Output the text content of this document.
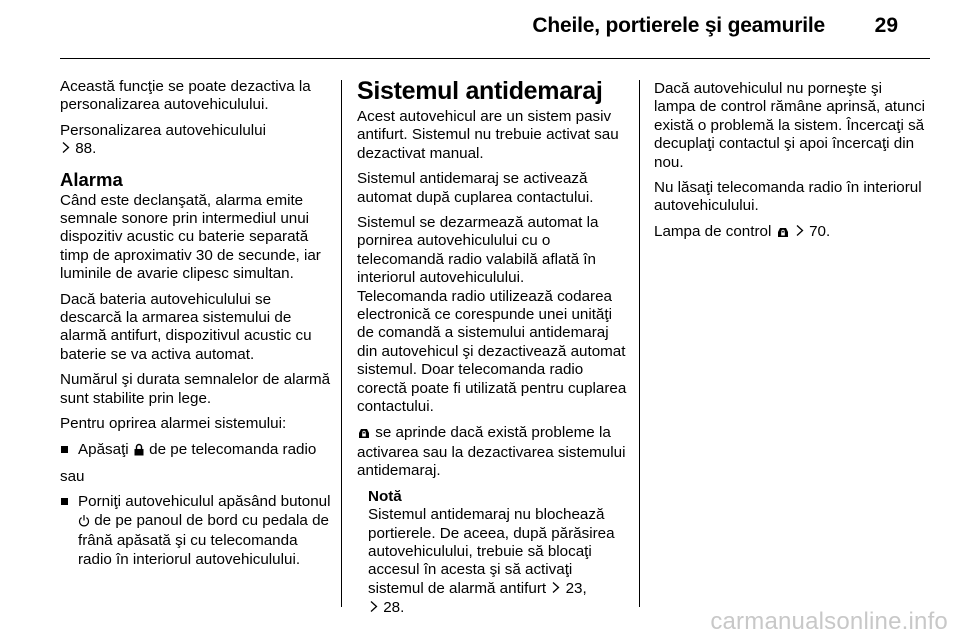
Cheile, portierele şi geamurile 29

Această funcţie se poate dezactiva la personalizarea autovehiculului.

Personalizarea autovehiculului
88.

Alarma

Când este declanşată, alarma emite semnale sonore prin intermediul unui dispozitiv acustic cu baterie separată timp de aproximativ 30 de secunde, iar luminile de avarie clipesc simultan.

Dacă bateria autovehiculului se descarcă la armarea sistemului de alarmă antifurt, dispozitivul acustic cu baterie se va activa automat.

Numărul şi durata semnalelor de alarmă sunt stabilite prin lege.

Pentru oprirea alarmei sistemului:

Apăsaţi de pe telecomanda radio

sau

Porniţi autovehiculul apăsând butonul  de pe panoul de bord cu pedala de frână apăsată şi cu telecomanda radio în interiorul autovehiculului.
Sistemul antidemaraj

Acest autovehicul are un sistem pasiv antifurt. Sistemul nu trebuie activat sau dezactivat manual.

Sistemul antidemaraj se activează automat după cuplarea contactului.

Sistemul se dezarmează automat la pornirea autovehiculului cu o telecomandă radio valabilă aflată în interiorul autovehiculului.
Telecomanda radio utilizează codarea electronică ce corespunde unei unităţi de comandă a sistemului antidemaraj din autovehicul şi dezactivează automat sistemul. Doar telecomanda radio corectă poate fi utilizată pentru cuplarea contactului.

se aprinde dacă există probleme la activarea sau la dezactivarea sistemului antidemaraj.

Notă
Sistemul antidemaraj nu blochează portierele. De aceea, după părăsirea autovehiculului, trebuie să blocaţi accesul în acesta şi să activaţi sistemul de alarmă antifurt 23,
28.

Dacă autovehiculul nu porneşte şi lampa de control rămâne aprinsă, atunci există o problemă la sistem. Încercaţi să decuplaţi contactul şi apoi încercaţi din nou.

Nu lăsaţi telecomanda radio în interiorul autovehiculului.

Lampa de control 70.

carmanualsonline.info
